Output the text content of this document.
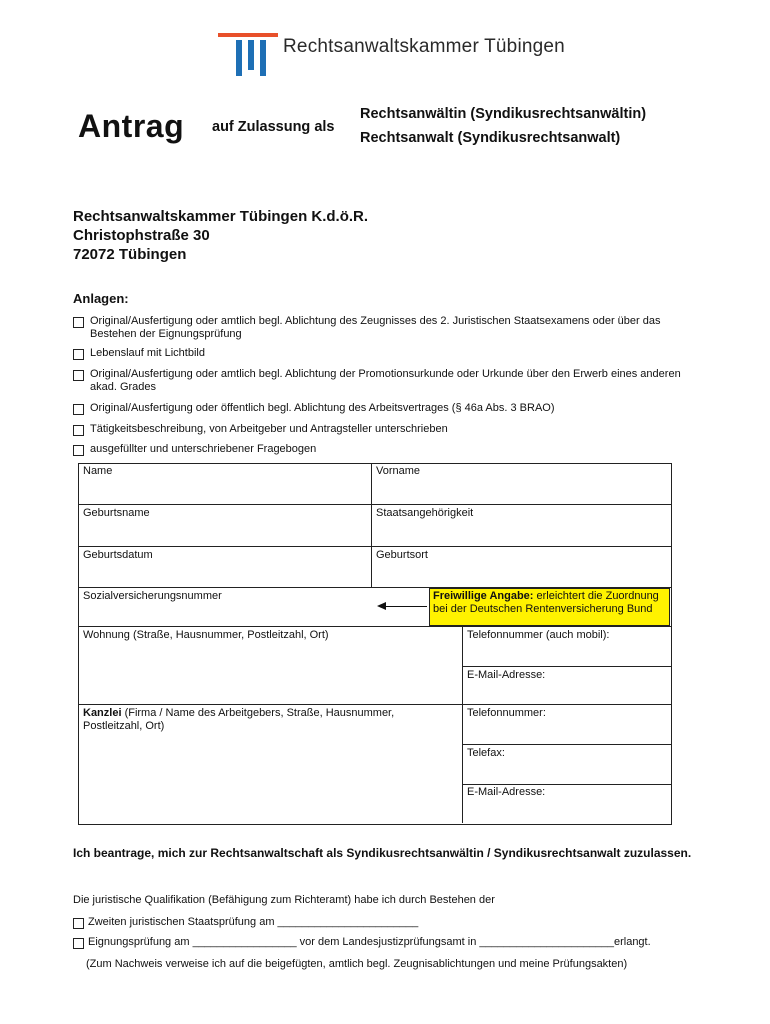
Rechtsanwaltskammer Tübingen
Antrag auf Zulassung als
Rechtsanwältin (Syndikusrechtsanwältin)
Rechtsanwalt (Syndikusrechtsanwalt)
Rechtsanwaltskammer Tübingen K.d.ö.R.
Christophstraße 30
72072 Tübingen
Anlagen:
Original/Ausfertigung oder amtlich begl. Ablichtung des Zeugnisses des 2. Juristischen Staatsexamens oder über das Bestehen der Eignungsprüfung
Lebenslauf mit Lichtbild
Original/Ausfertigung oder amtlich begl. Ablichtung der Promotionsurkunde oder Urkunde über den Erwerb eines anderen akad. Grades
Original/Ausfertigung oder öffentlich begl. Ablichtung des Arbeitsvertrages (§ 46a Abs. 3 BRAO)
Tätigkeitsbeschreibung, von Arbeitgeber und Antragsteller unterschrieben
ausgefüllter und unterschriebener Fragebogen
Name	Vorname
Geburtsname	Staatsangehörigkeit
Geburtsdatum	Geburtsort
Sozialversicherungsnummer	Freiwillige Angabe: erleichtert die Zuordnung bei der Deutschen Rentenversicherung Bund
Wohnung (Straße, Hausnummer, Postleitzahl, Ort)	Telefonnummer (auch mobil):
E-Mail-Adresse:
Kanzlei (Firma / Name des Arbeitgebers, Straße, Hausnummer, Postleitzahl, Ort)
Telefonnummer:
Telefax:
E-Mail-Adresse:
Ich beantrage, mich zur Rechtsanwaltschaft als Syndikusrechtsanwältin / Syndikusrechtsanwalt zuzulassen.
Die juristische Qualifikation (Befähigung zum Richteramt) habe ich durch Bestehen der
Zweiten juristischen Staatsprüfung am _______________________
Eignungsprüfung am _________________ vor dem Landesjustizprüfungsamt in ______________________erlangt.
(Zum Nachweis verweise ich auf die beigefügten, amtlich begl. Zeugnisablichtungen und meine Prüfungsakten)
